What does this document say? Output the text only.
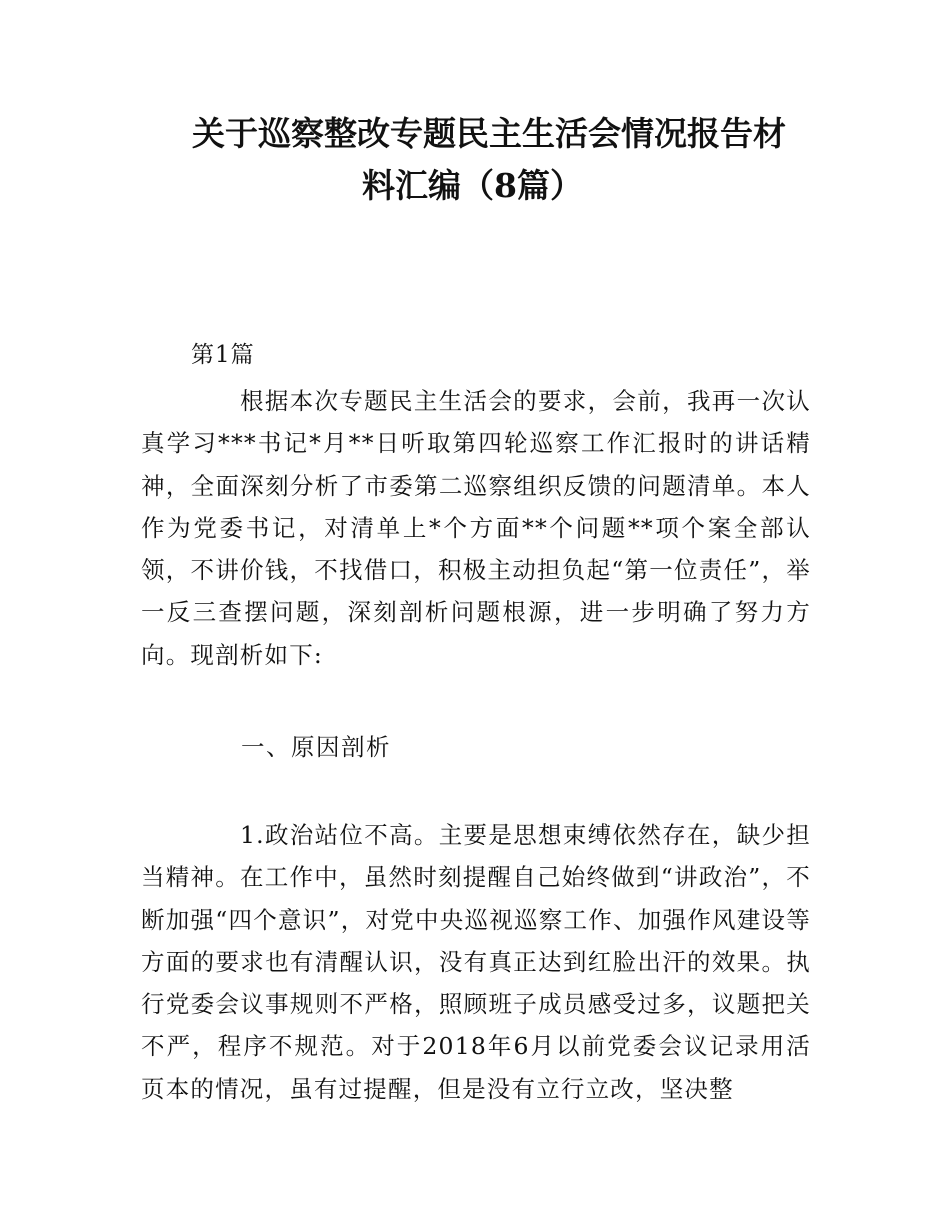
关于巡察整改专题民主生活会情况报告材
料汇编（8篇）
第1篇

根据本次专题民主生活会的要求，会前，我再一次认真学习***书记*月**日听取第四轮巡察工作汇报时的讲话精神，全面深刻分析了市委第二巡察组织反馈的问题清单。本人作为党委书记，对清单上*个方面**个问题**项个案全部认领，不讲价钱，不找借口，积极主动担负起“第一位责任”，举一反三查摆问题，深刻剖析问题根源，进一步明确了努力方向。现剖析如下:

一、原因剖析

1.政治站位不高。主要是思想束缚依然存在，缺少担当精神。在工作中，虽然时刻提醒自己始终做到“讲政治”，不断加强“四个意识”，对党中央巡视巡察工作、加强作风建设等方面的要求也有清醒认识，没有真正达到红脸出汗的效果。执行党委会议事规则不严格，照顾班子成员感受过多，议题把关不严，程序不规范。对于2018年6月以前党委会议记录用活页本的情况，虽有过提醒，但是没有立行立改，坚决整
